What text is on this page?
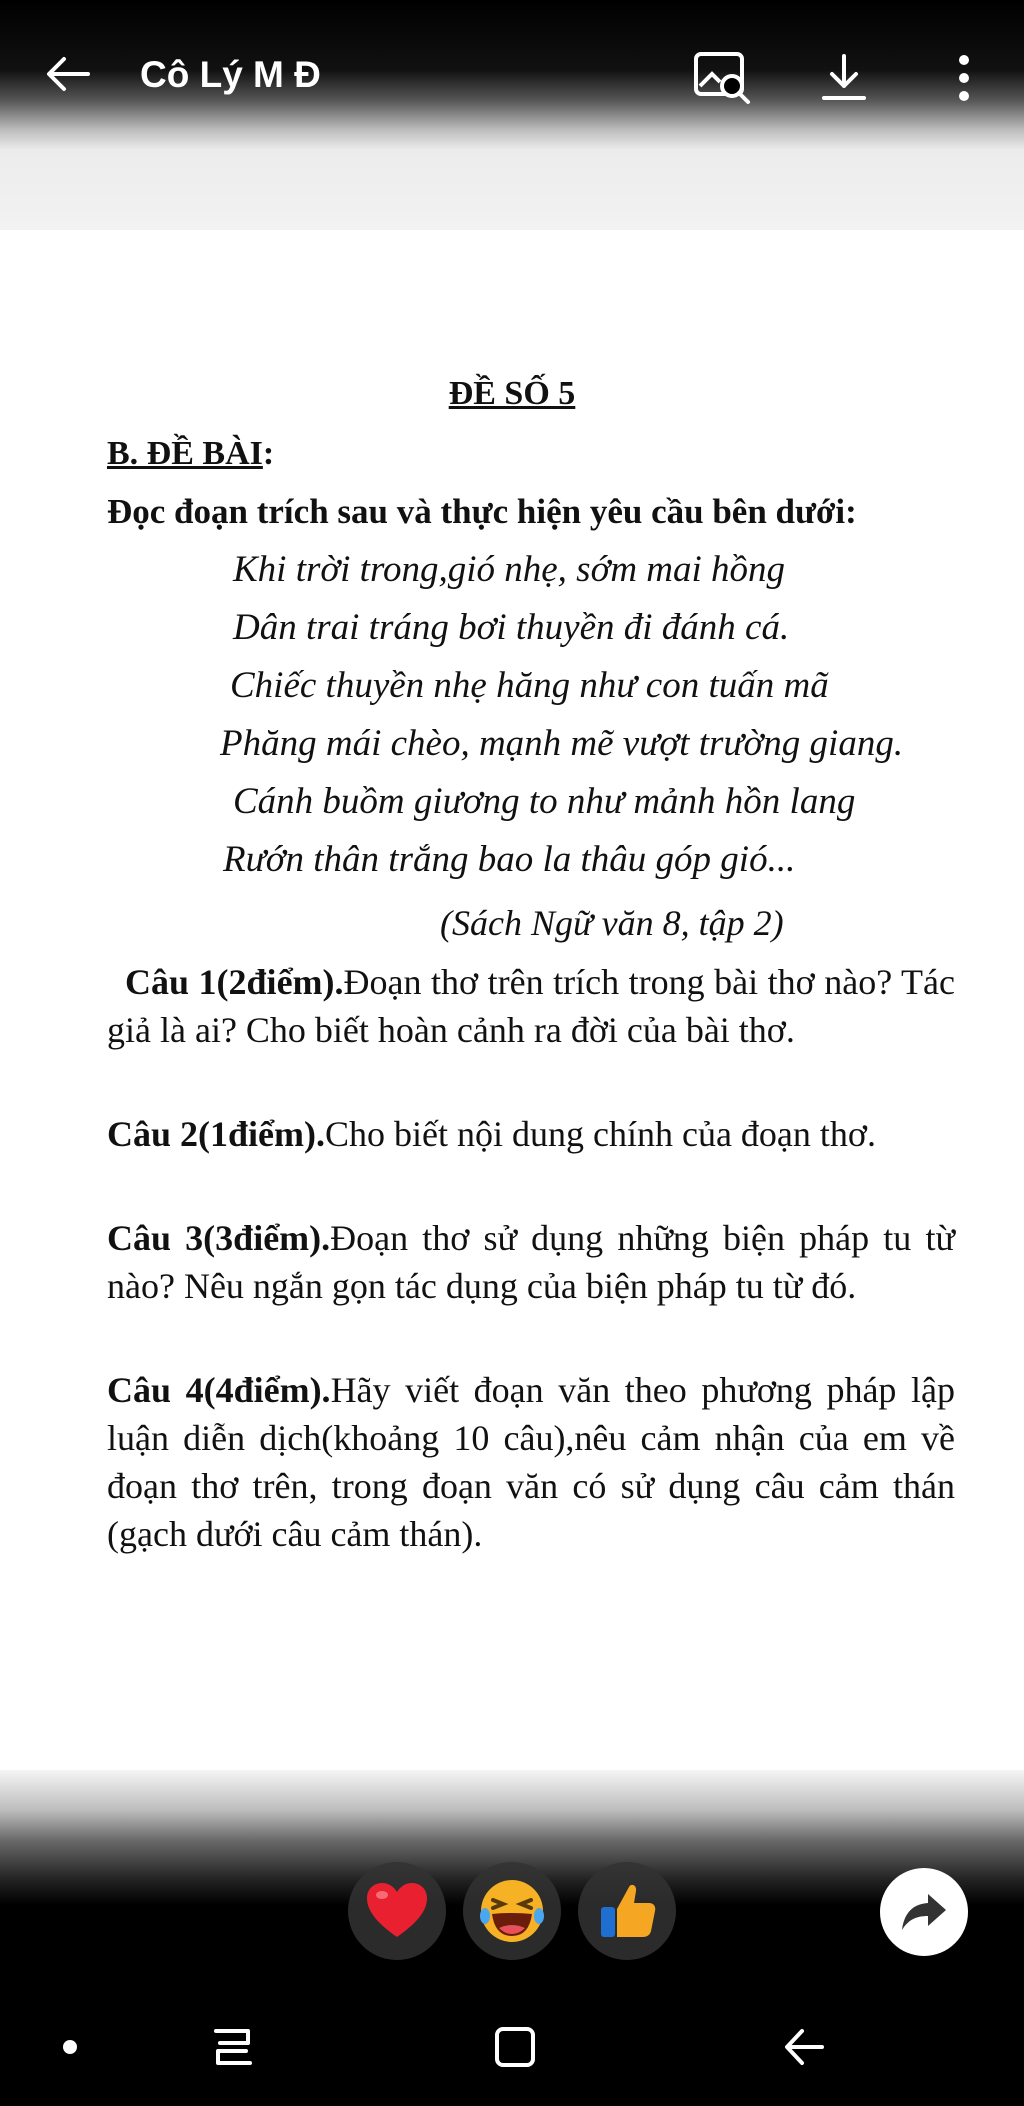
Cô Lý M Đ
ĐỀ SỐ 5
B. ĐỀ BÀI:
Đọc đoạn trích sau và thực hiện yêu cầu bên dưới:
Khi trời trong,gió nhẹ, sớm mai hồng
Dân trai tráng bơi thuyền đi đánh cá.
Chiếc thuyền nhẹ hăng như con tuấn mã
Phăng mái chèo, mạnh mẽ vượt trường giang.
Cánh buồm giương to như mảnh hồn lang
Rướn thân trắng bao la thâu góp gió...
(Sách Ngữ văn 8, tập 2)
Câu 1(2điểm).Đoạn thơ trên trích trong bài thơ nào? Tác giả là ai? Cho biết hoàn cảnh ra đời của bài thơ.
Câu 2(1điểm).Cho biết nội dung chính của đoạn thơ.
Câu 3(3điểm).Đoạn thơ sử dụng những biện pháp tu từ nào? Nêu ngắn gọn tác dụng của biện pháp tu từ đó.
Câu 4(4điểm).Hãy viết đoạn văn theo phương pháp lập luận diễn dịch(khoảng 10 câu),nêu cảm nhận của em về đoạn thơ trên, trong đoạn văn có sử dụng câu cảm thán (gạch dưới câu cảm thán).
